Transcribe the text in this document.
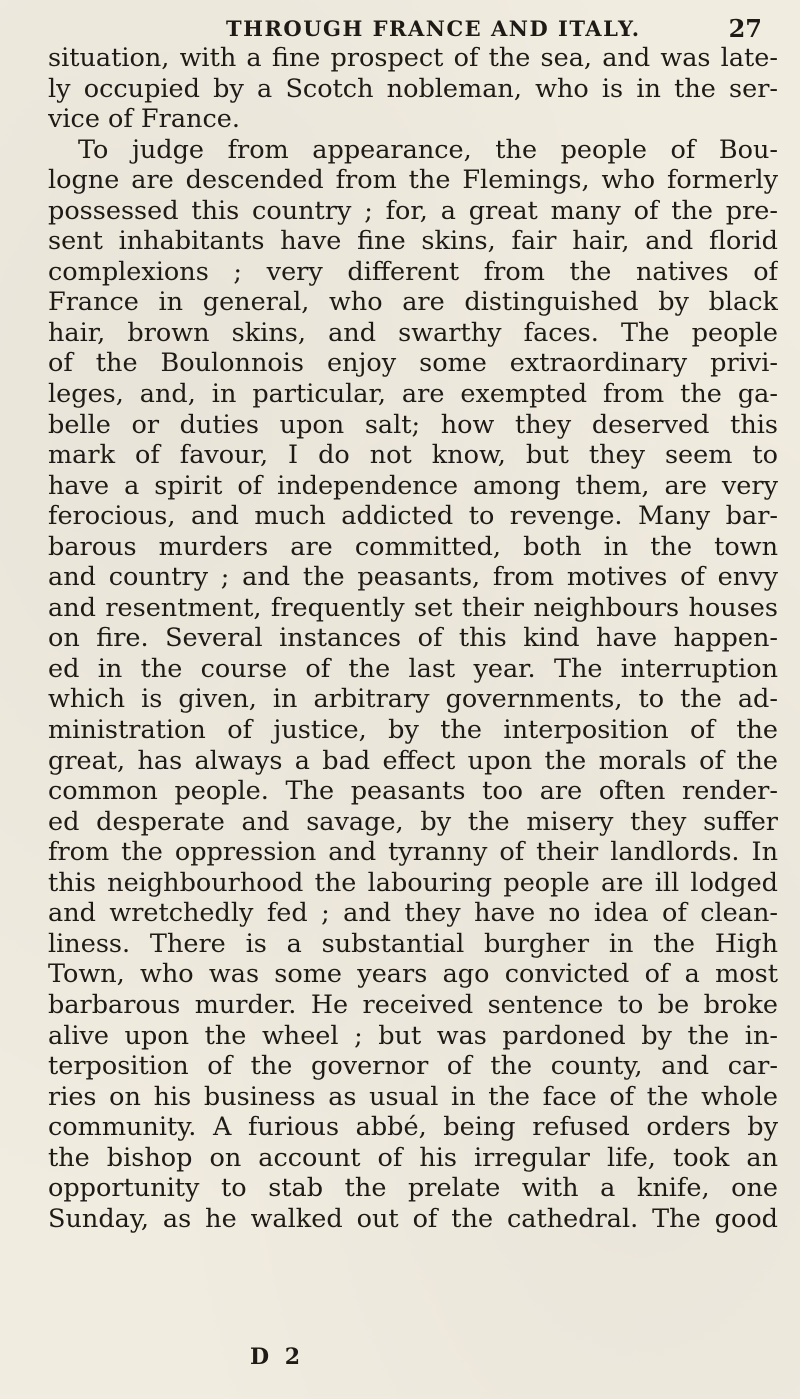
THROUGH FRANCE AND ITALY.	27
situation, with a fine prospect of the sea, and was late-
ly occupied by a Scotch nobleman, who is in the ser-
vice of France.
To judge from appearance, the people of Bou-
logne are descended from the Flemings, who formerly
possessed this country ; for, a great many of the pre-
sent inhabitants have fine skins, fair hair, and florid
complexions ; very different from the natives of
France in general, who are distinguished by black
hair, brown skins, and swarthy faces. The people
of the Boulonnois enjoy some extraordinary privi-
leges, and, in particular, are exempted from the ga-
belle or duties upon salt; how they deserved this
mark of favour, I do not know, but they seem to
have a spirit of independence among them, are very
ferocious, and much addicted to revenge. Many bar-
barous murders are committed, both in the town
and country ; and the peasants, from motives of envy
and resentment, frequently set their neighbours houses
on fire. Several instances of this kind have happen-
ed in the course of the last year. The interruption
which is given, in arbitrary governments, to the ad-
ministration of justice, by the interposition of the
great, has always a bad effect upon the morals of the
common people. The peasants too are often render-
ed desperate and savage, by the misery they suffer
from the oppression and tyranny of their landlords. In
this neighbourhood the labouring people are ill lodged
and wretchedly fed ; and they have no idea of clean-
liness. There is a substantial burgher in the High
Town, who was some years ago convicted of a most
barbarous murder. He received sentence to be broke
alive upon the wheel ; but was pardoned by the in-
terposition of the governor of the county, and car-
ries on his business as usual in the face of the whole
community. A furious abbé, being refused orders by
the bishop on account of his irregular life, took an
opportunity to stab the prelate with a knife, one
Sunday, as he walked out of the cathedral. The good
D 2
